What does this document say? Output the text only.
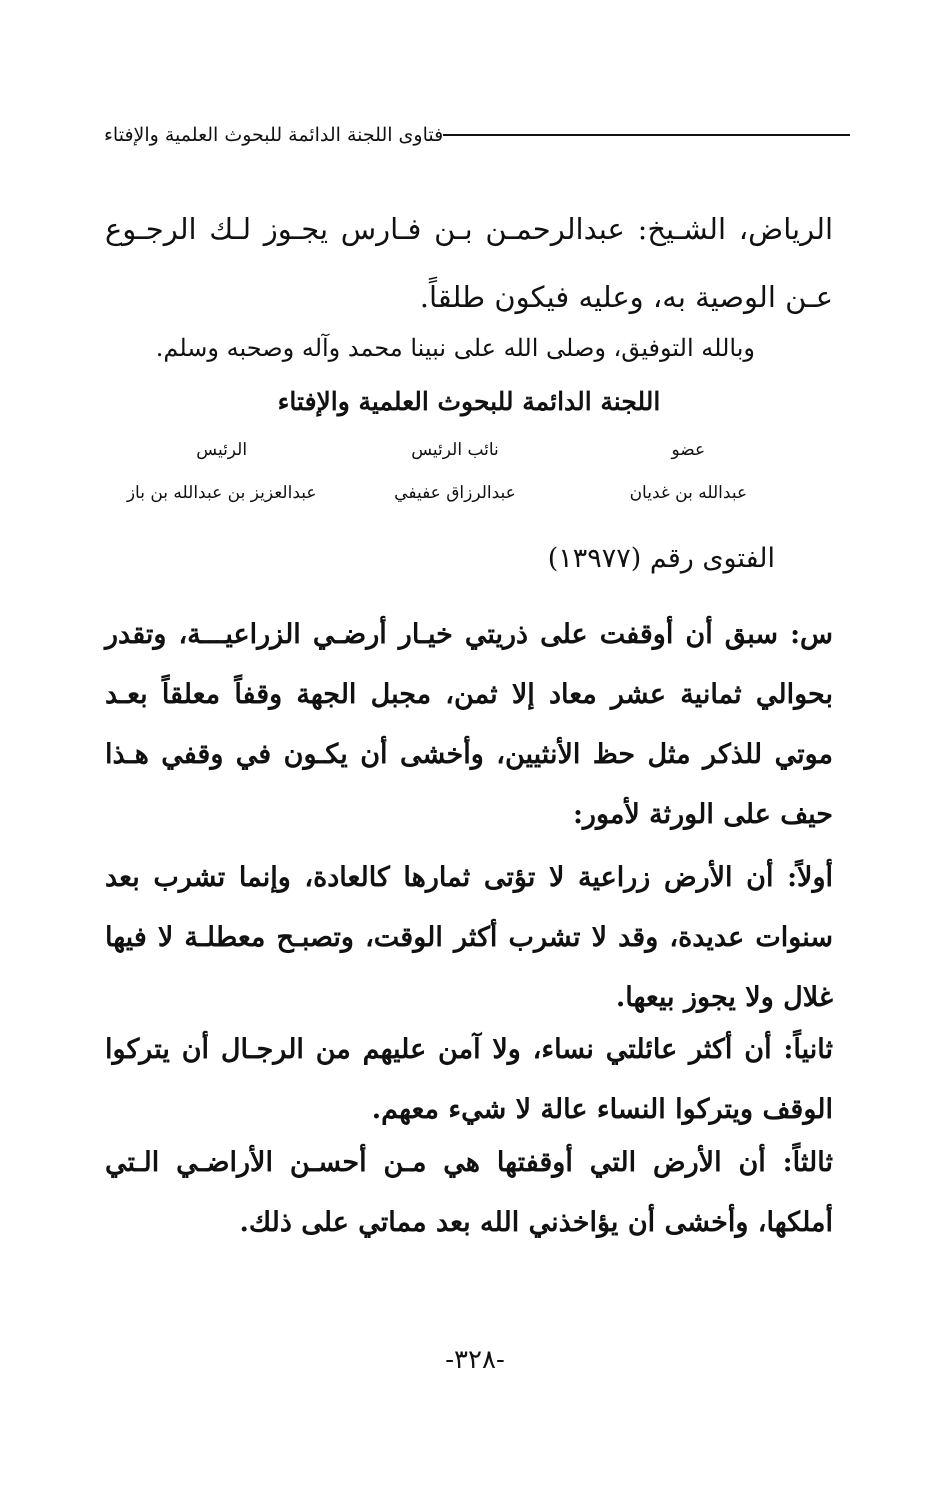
فتاوى اللجنة الدائمة للبحوث العلمية والإفتاء
الرياض، الشـيخ: عبدالرحمـن بـن فـارس يجـوز لـك الرجـوع عـن الوصية به، وعليه فيكون طلقاً.
وبالله التوفيق، وصلى الله على نبينا محمد وآله وصحبه وسلم.
اللجنة الدائمة للبحوث العلمية والإفتاء
عضو
نائب الرئيس
الرئيس
عبدالله بن غديان
عبدالرزاق عفيفي
عبدالعزيز بن عبدالله بن باز
الفتوى رقم (١٣٩٧٧)
س: سبق أن أوقفت على ذريتي خيـار أرضـي الزراعيـــة، وتقدر بحوالي ثمانية عشر معاد إلا ثمن، مجبل الجهة وقفاً معلقاً بعـد موتي للذكر مثل حظ الأنثيين، وأخشى أن يكـون في وقفي هـذا حيف على الورثة لأمور:
أولاً: أن الأرض زراعية لا تؤتى ثمارها كالعادة، وإنما تشرب بعد سنوات عديدة، وقد لا تشرب أكثر الوقت، وتصبـح معطلـة لا فيها غلال ولا يجوز بيعها.
ثانياً: أن أكثر عائلتي نساء، ولا آمن عليهم من الرجـال أن يتركوا الوقف ويتركوا النساء عالة لا شيء معهم.
ثالثاً: أن الأرض التي أوقفتها هي مـن أحسـن الأراضـي الـتي أملكها، وأخشى أن يؤاخذني الله بعد مماتي على ذلك.
-٣٢٨-
